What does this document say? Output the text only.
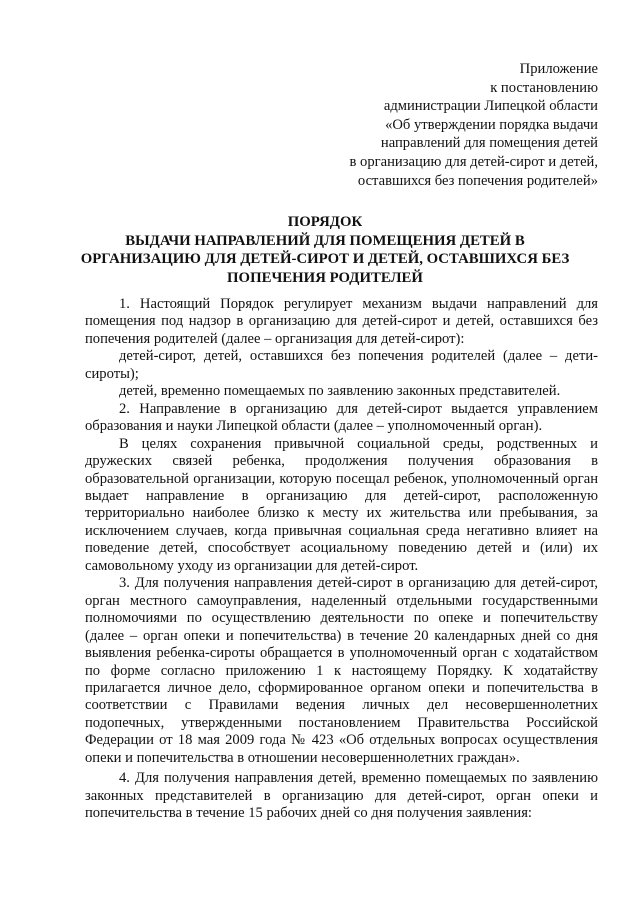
Приложение
к постановлению
администрации Липецкой области
«Об утверждении порядка выдачи
направлений для помещения детей
в организацию для детей-сирот и детей,
оставшихся без попечения родителей»
ПОРЯДОК
ВЫДАЧИ НАПРАВЛЕНИЙ ДЛЯ ПОМЕЩЕНИЯ ДЕТЕЙ В
ОРГАНИЗАЦИЮ ДЛЯ ДЕТЕЙ-СИРОТ И ДЕТЕЙ, ОСТАВШИХСЯ БЕЗ
ПОПЕЧЕНИЯ РОДИТЕЛЕЙ

1. Настоящий Порядок регулирует механизм выдачи направлений для помещения под надзор в организацию для детей-сирот и детей, оставшихся без попечения родителей (далее – организация для детей-сирот):

детей-сирот, детей, оставшихся без попечения родителей (далее – дети-сироты);

детей, временно помещаемых по заявлению законных представителей.

2. Направление в организацию для детей-сирот выдается управлением образования и науки Липецкой области (далее – уполномоченный орган).

В целях сохранения привычной социальной среды, родственных и дружеских связей ребенка, продолжения получения образования в образовательной организации, которую посещал ребенок, уполномоченный орган выдает направление в организацию для детей-сирот, расположенную территориально наиболее близко к месту их жительства или пребывания, за исключением случаев, когда привычная социальная среда негативно влияет на поведение детей, способствует асоциальному поведению детей и (или) их самовольному уходу из организации для детей-сирот.

3. Для получения направления детей-сирот в организацию для детей-сирот, орган местного самоуправления, наделенный отдельными государственными полномочиями по осуществлению деятельности по опеке и попечительству (далее – орган опеки и попечительства) в течение 20 календарных дней со дня выявления ребенка-сироты обращается в уполномоченный орган с ходатайством по форме согласно приложению 1 к настоящему Порядку. К ходатайству прилагается личное дело, сформированное органом опеки и попечительства в соответствии с Правилами ведения личных дел несовершеннолетних подопечных, утвержденными постановлением Правительства Российской Федерации от 18 мая 2009 года № 423 «Об отдельных вопросах осуществления опеки и попечительства в отношении несовершеннолетних граждан».

4. Для получения направления детей, временно помещаемых по заявлению законных представителей в организацию для детей-сирот, орган опеки и попечительства в течение 15 рабочих дней со дня получения заявления:
